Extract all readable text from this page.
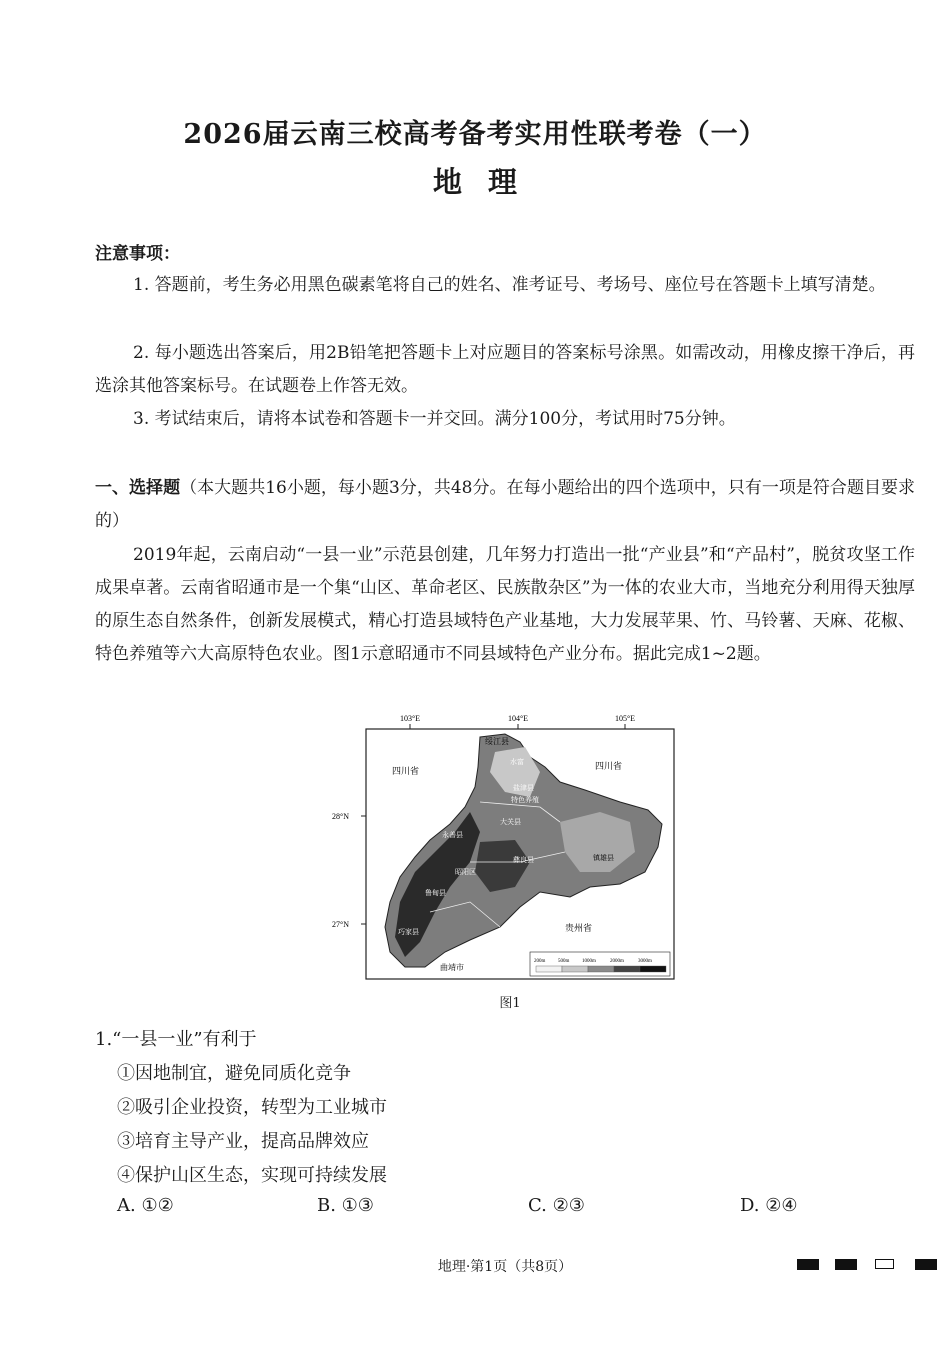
2026届云南三校高考备考实用性联考卷（一）
地理
注意事项：

1. 答题前，考生务必用黑色碳素笔将自己的姓名、准考证号、考场号、座位号在答题卡上填写清楚。

2. 每小题选出答案后，用2B铅笔把答题卡上对应题目的答案标号涂黑。如需改动，用橡皮擦干净后，再选涂其他答案标号。在试题卷上作答无效。

3. 考试结束后，请将本试卷和答题卡一并交回。满分100分，考试用时75分钟。

一、选择题（本大题共16小题，每小题3分，共48分。在每小题给出的四个选项中，只有一项是符合题目要求的）

2019年起，云南启动“一县一业”示范县创建，几年努力打造出一批“产业县”和“产品村”，脱贫攻坚工作成果卓著。云南省昭通市是一个集“山区、革命老区、民族散杂区”为一体的农业大市，当地充分利用得天独厚的原生态自然条件，创新发展模式，精心打造县域特色产业基地，大力发展苹果、竹、马铃薯、天麻、花椒、特色养殖等六大高原特色农业。图1示意昭通市不同县域特色产业分布。据此完成1~2题。

103°E	104°E	105°E
28°N
27°N
四川省	四川省
贵州省
曲靖市
绥江县
水富
盐津县
特色养殖
大关县
永善县
彝良县	镇雄县
昭阳区
鲁甸县
巧家县
200m	500m	1000m	2000m	3000m
图1
1.“一县一业”有利于
①因地制宜，避免同质化竞争
②吸引企业投资，转型为工业城市
③培育主导产业，提高品牌效应
④保护山区生态，实现可持续发展
A. ①②	B. ①③	C. ②③	D. ②④
地理·第1页（共8页）
